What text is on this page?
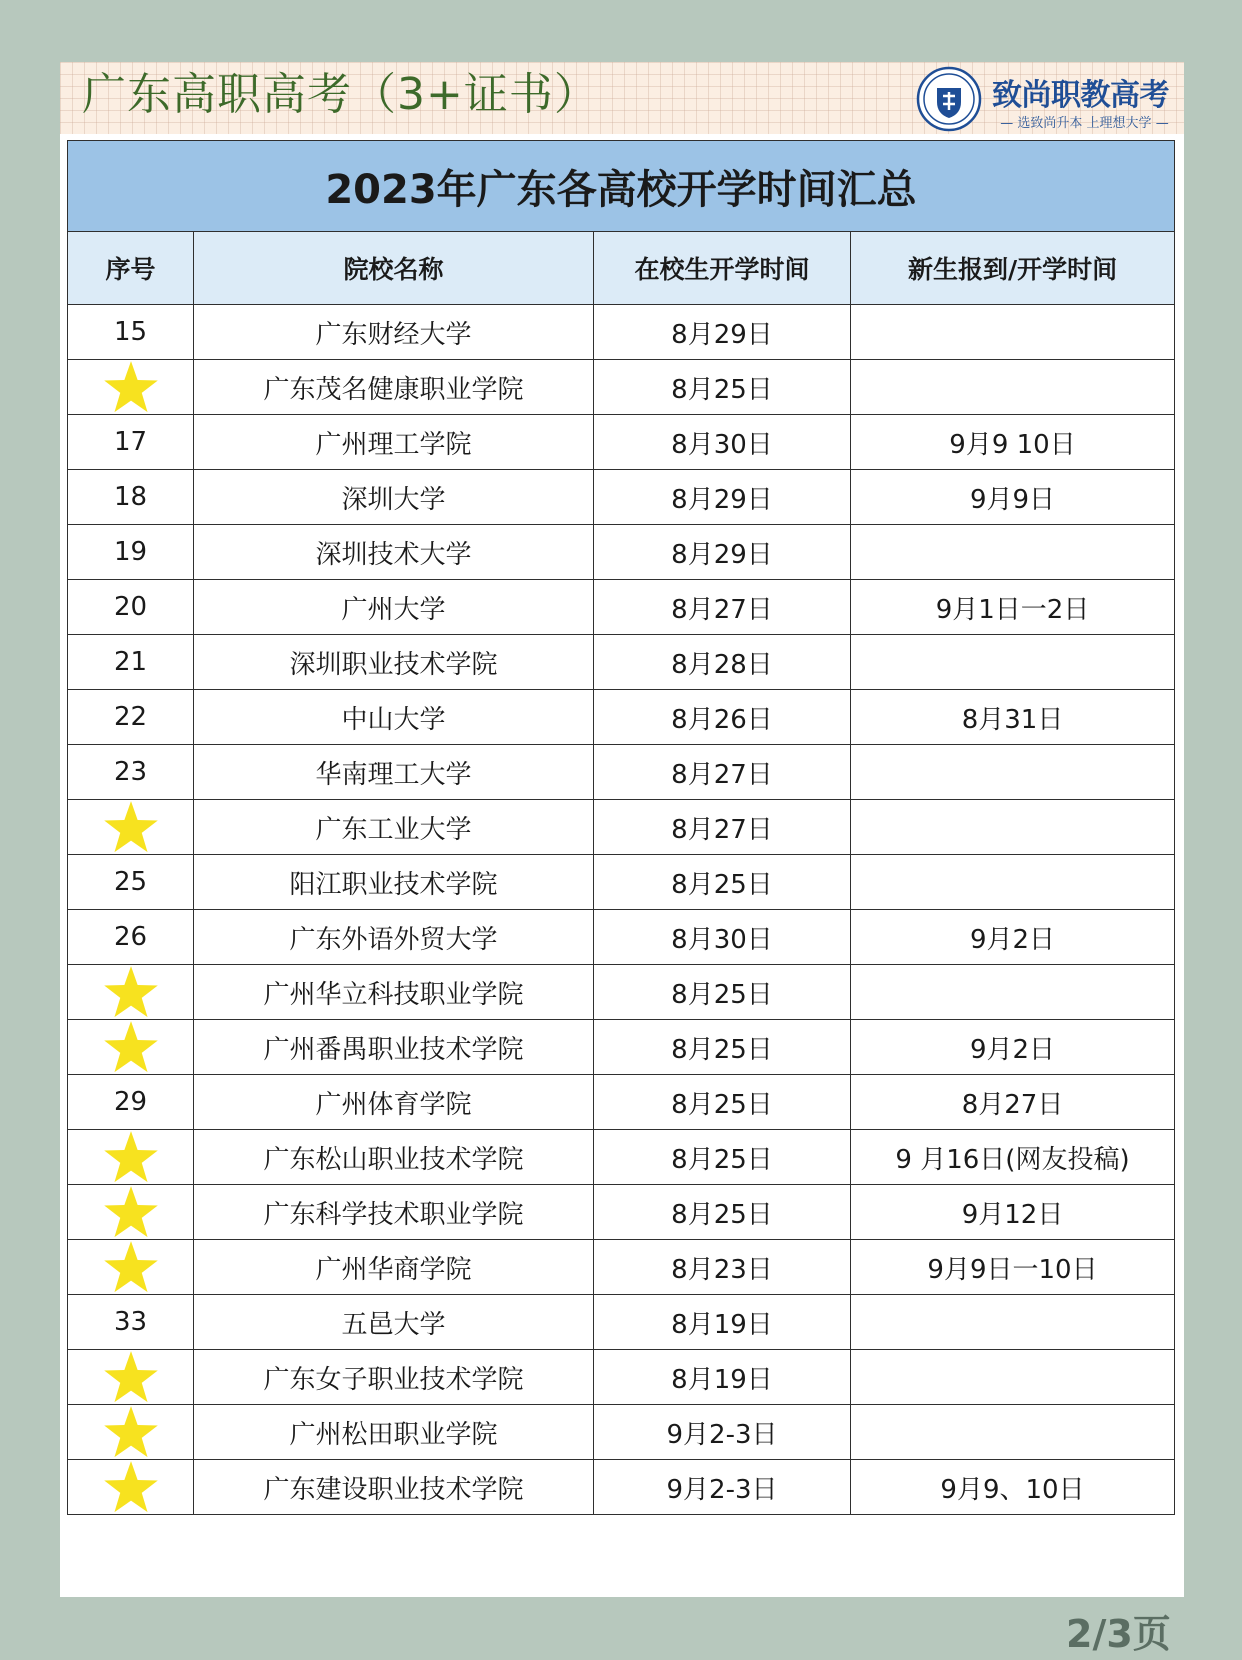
广东高职高考（3+证书）	致尚职教高考
— 选致尚升本 上理想大学 —
2023年广东各高校开学时间汇总			
序号	院校名称	在校生开学时间	新生报到/开学时间
15	广东财经大学	8月29日	
	广东茂名健康职业学院	8月25日	
17	广州理工学院	8月30日	9月9 10日
18	深圳大学	8月29日	9月9日
19	深圳技术大学	8月29日	
20	广州大学	8月27日	9月1日一2日
21	深圳职业技术学院	8月28日	
22	中山大学	8月26日	8月31日
23	华南理工大学	8月27日	
	广东工业大学	8月27日	
25	阳江职业技术学院	8月25日	
26	广东外语外贸大学	8月30日	9月2日
	广州华立科技职业学院	8月25日	
	广州番禺职业技术学院	8月25日	9月2日
29	广州体育学院	8月25日	8月27日
	广东松山职业技术学院	8月25日	9 月16日(网友投稿)
	广东科学技术职业学院	8月25日	9月12日
	广州华商学院	8月23日	9月9日一10日
33	五邑大学	8月19日	
	广东女子职业技术学院	8月19日	
	广州松田职业学院	9月2-3日	
	广东建设职业技术学院	9月2-3日	9月9、10日
2/3页
